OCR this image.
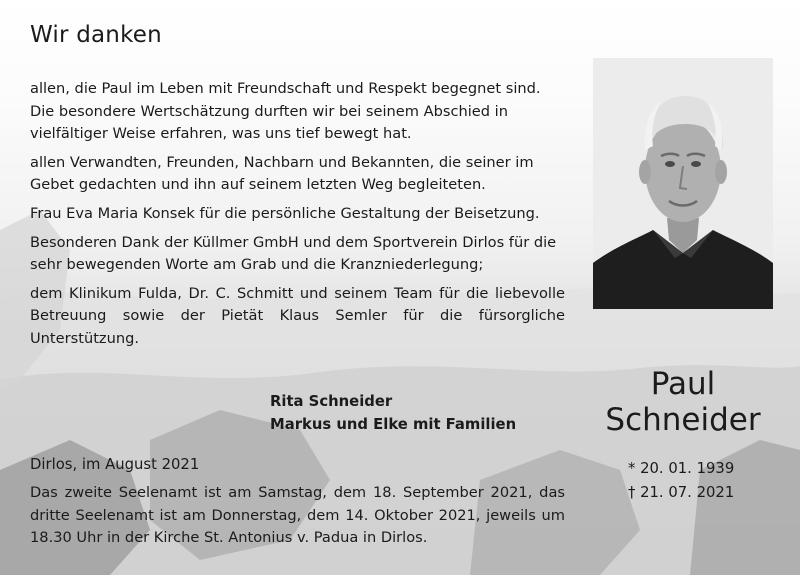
Wir danken

allen, die Paul im Leben mit Freundschaft und Respekt begegnet sind. Die besondere Wertschätzung durften wir bei seinem Abschied in vielfältiger Weise erfahren, was uns tief bewegt hat.

allen Verwandten, Freunden, Nachbarn und Bekannten, die seiner im Gebet gedachten und ihn auf seinem letzten Weg begleiteten.

Frau Eva Maria Konsek für die persönliche Gestaltung der Beisetzung.

Besonderen Dank der Küllmer GmbH und dem Sportverein Dirlos für die sehr bewegenden Worte am Grab und die Kranzniederlegung;

dem Klinikum Fulda, Dr. C. Schmitt und seinem Team für die liebevolle Betreuung sowie der Pietät Klaus Semler für die fürsorgliche Unterstützung.

Rita Schneider
Markus und Elke mit Familien
Dirlos, im August 2021
Das zweite Seelenamt ist am Samstag, dem 18. September 2021, das dritte Seelenamt ist am Donnerstag, dem 14. Oktober 2021, jeweils um 18.30 Uhr in der Kirche St. Antonius v. Padua in Dirlos.
Paul
Schneider
* 20. 01. 1939
† 21. 07. 2021
